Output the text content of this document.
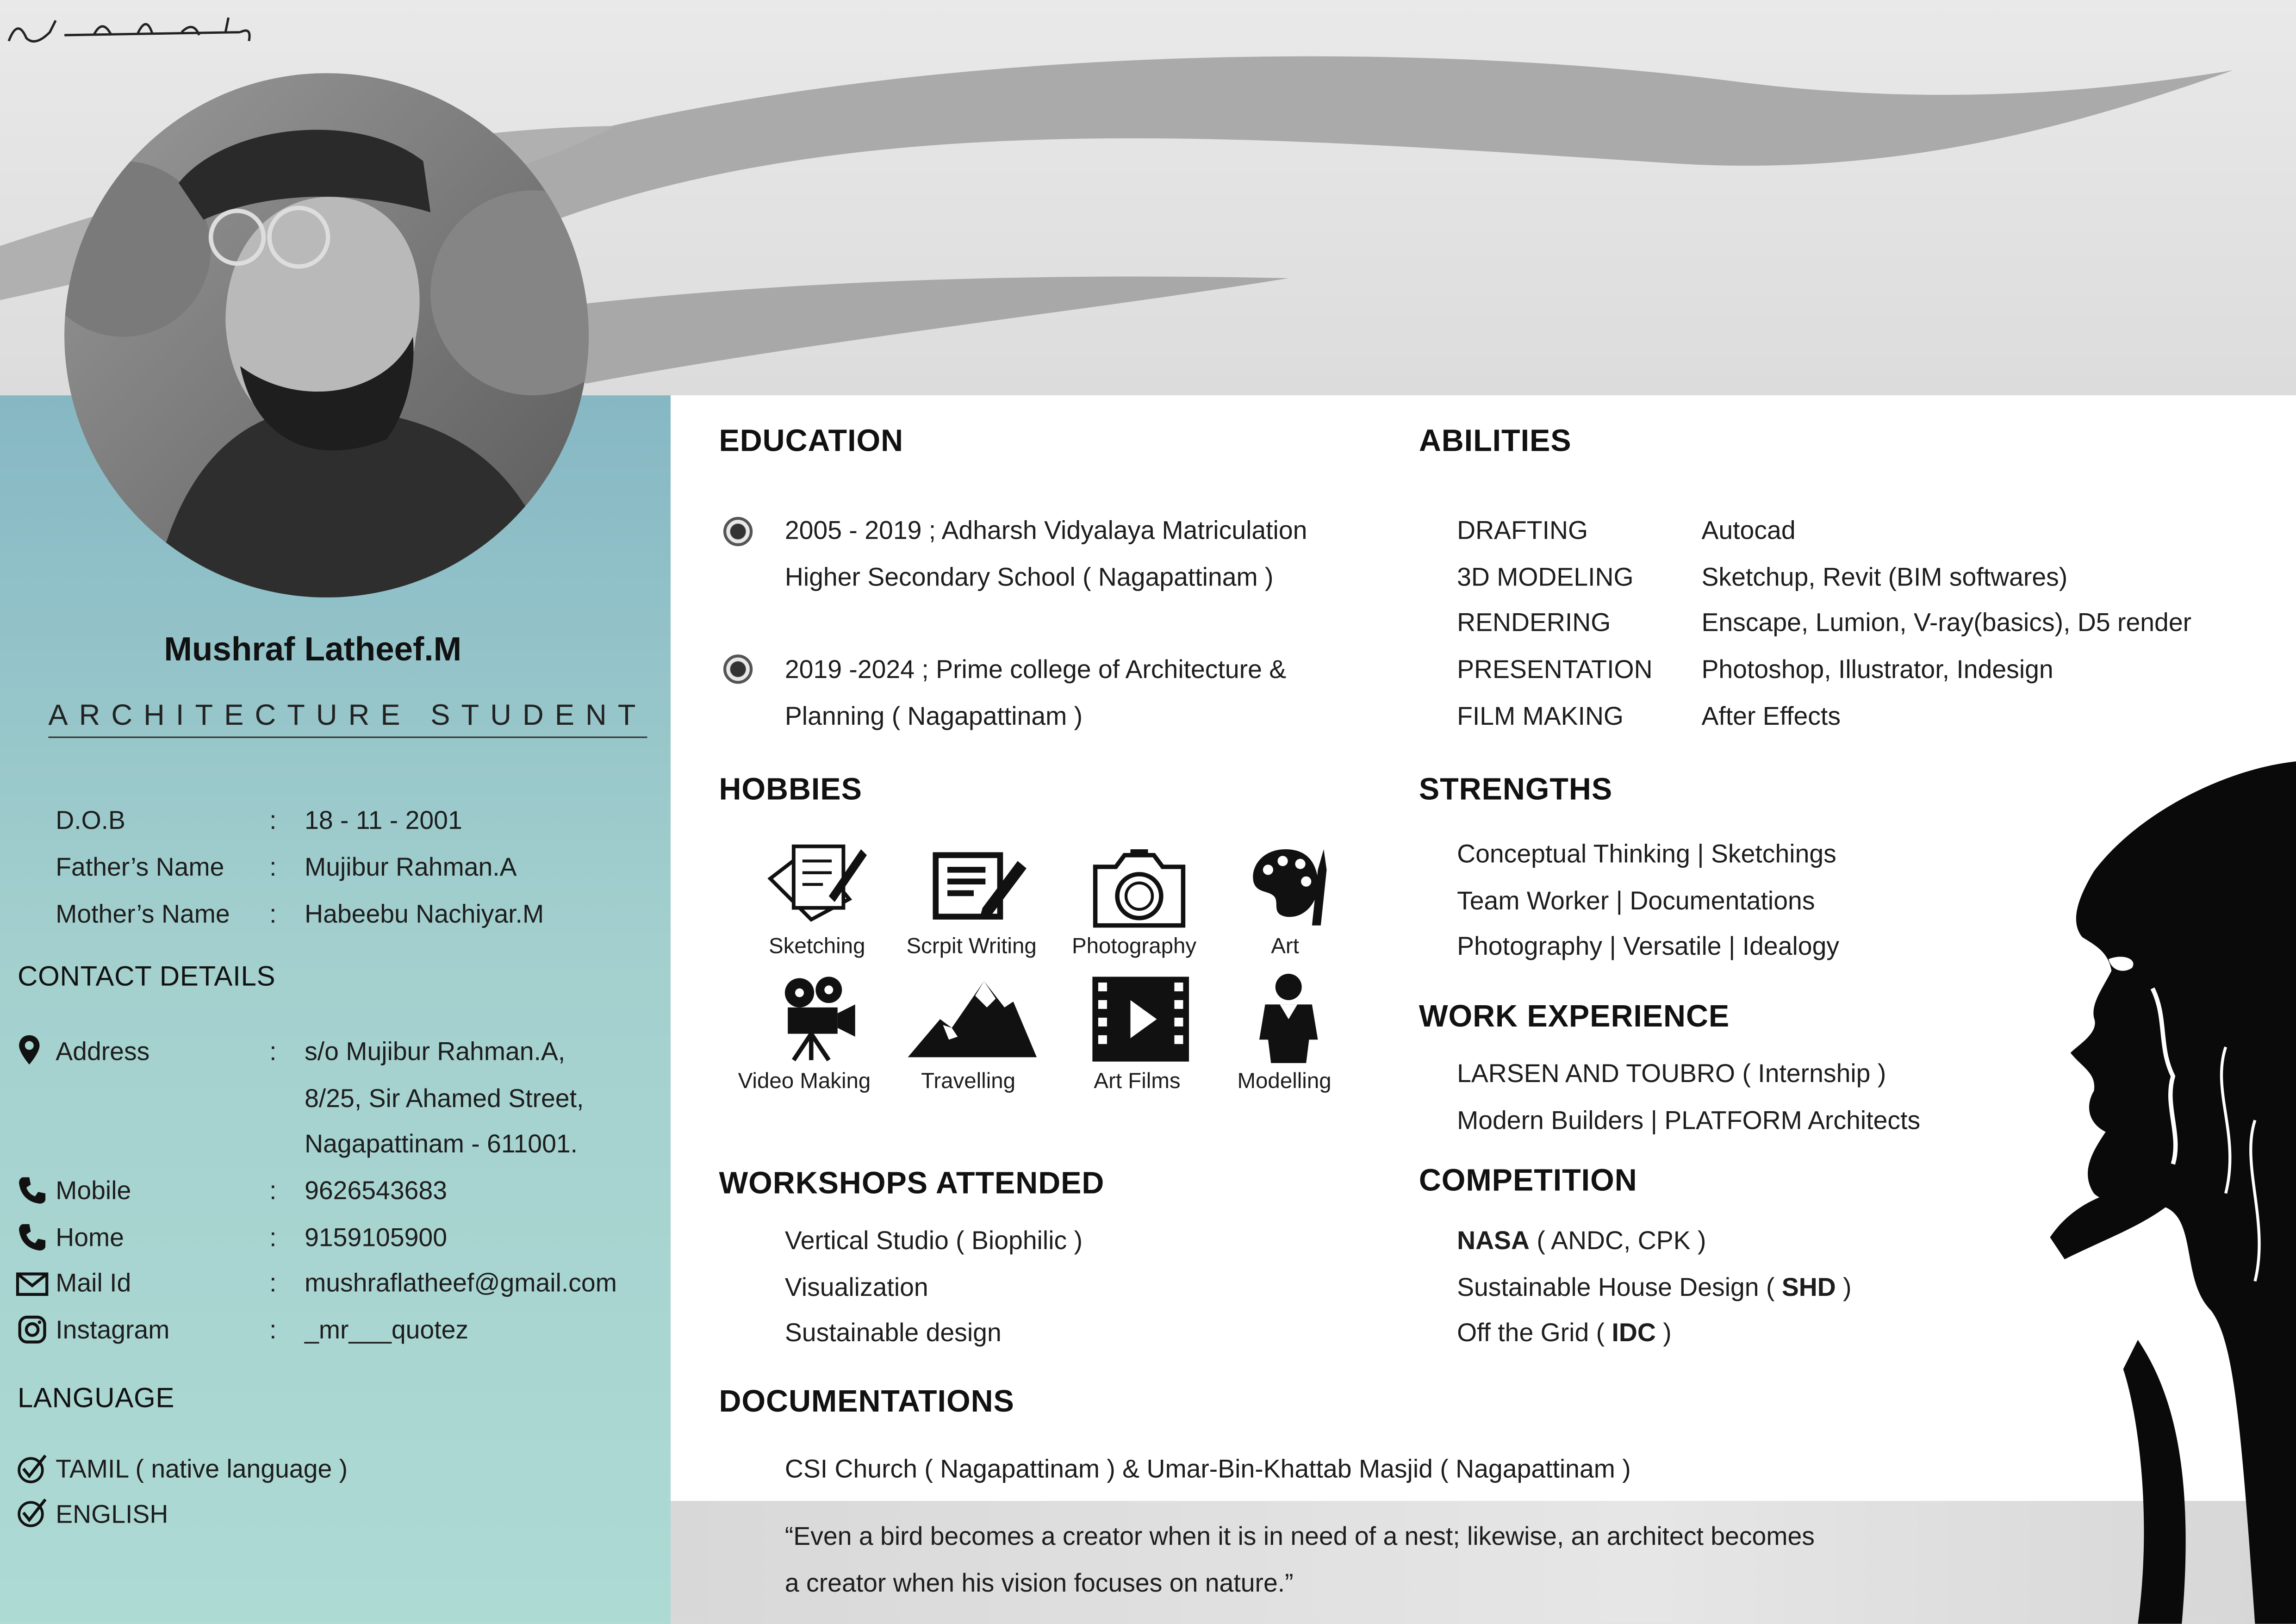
Mushraf Latheef.M
ARCHITECTURE STUDENT
D.O.B	:	18 - 11 - 2001
Father’s Name	:	Mujibur Rahman.A
Mother’s Name	:	Habeebu Nachiyar.M
CONTACT DETAILS
Address	:	s/o Mujibur Rahman.A,
8/25, Sir Ahamed Street,
Nagapattinam - 611001.
Mobile	:	9626543683
Home	:	9159105900
Mail Id	:	mushraflatheef@gmail.com
Instagram	:	_mr___quotez
LANGUAGE
TAMIL ( native language )
ENGLISH
EDUCATION
2005 - 2019 ; Adharsh Vidyalaya Matriculation
Higher Secondary School ( Nagapattinam )
2019 -2024 ; Prime college of Architecture &
Planning ( Nagapattinam )
ABILITIES
DRAFTING	Autocad
3D MODELING	Sketchup, Revit (BIM softwares)
RENDERING	Enscape, Lumion, V-ray(basics), D5 render
PRESENTATION	Photoshop, Illustrator, Indesign
FILM MAKING	After Effects
HOBBIES
Sketching	Scrpit Writing	Photography	Art
Video Making	Travelling	Art Films	Modelling
STRENGTHS
Conceptual Thinking | Sketchings
Team Worker | Documentations
Photography | Versatile | Idealogy
WORK EXPERIENCE
LARSEN AND TOUBRO ( Internship )
Modern Builders | PLATFORM Architects
WORKSHOPS ATTENDED
Vertical Studio ( Biophilic )
Visualization
Sustainable design
COMPETITION
NASA ( ANDC, CPK )
Sustainable House Design ( SHD )
Off the Grid ( IDC )
DOCUMENTATIONS
CSI Church ( Nagapattinam ) & Umar-Bin-Khattab Masjid ( Nagapattinam )
“Even a bird becomes a creator when it is in need of a nest; likewise, an architect becomes
a creator when his vision focuses on nature.”
